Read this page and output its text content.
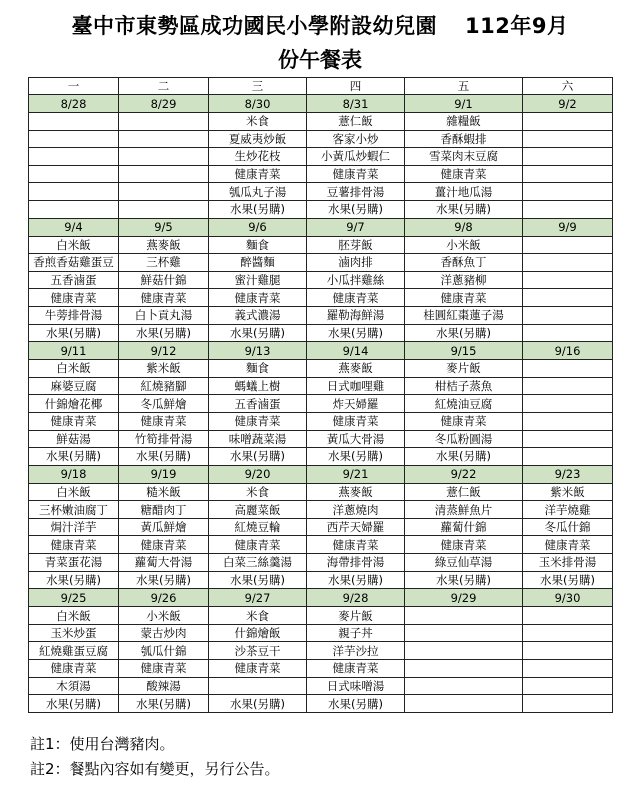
臺中市東勢區成功國民小學附設幼兒園 112年9月
份午餐表
一	二	三	四	五	六
8/28	8/29	8/30	8/31	9/1	9/2
		米食	薏仁飯	雜糧飯	
		夏威夷炒飯	客家小炒	香酥蝦排	
		生炒花枝	小黃瓜炒蝦仁	雪菜肉末豆腐	
		健康青菜	健康青菜	健康青菜	
		瓠瓜丸子湯	豆薯排骨湯	薑汁地瓜湯	
		水果(另購)	水果(另購)	水果(另購)	
9/4	9/5	9/6	9/7	9/8	9/9
白米飯	燕麥飯	麵食	胚芽飯	小米飯	
香煎香菇雞蛋豆	三杯雞	醉醬麵	滷肉排	香酥魚丁	
五香滷蛋	鮮菇什錦	蜜汁雞腿	小瓜拌雞絲	洋蔥豬柳	
健康青菜	健康青菜	健康青菜	健康青菜	健康青菜	
牛蒡排骨湯	白卜貢丸湯	義式濃湯	羅勒海鮮湯	桂圓紅棗蓮子湯	
水果(另購)	水果(另購)	水果(另購)	水果(另購)	水果(另購)	
9/11	9/12	9/13	9/14	9/15	9/16
白米飯	紫米飯	麵食	燕麥飯	麥片飯	
麻婆豆腐	紅燒豬腳	螞蟻上樹	日式咖哩雞	柑桔子蒸魚	
什錦燴花椰	冬瓜鮮燴	五香滷蛋	炸天婦羅	紅燒油豆腐	
健康青菜	健康青菜	健康青菜	健康青菜	健康青菜	
鮮菇湯	竹筍排骨湯	味噌蔬菜湯	黃瓜大骨湯	冬瓜粉圓湯	
水果(另購)	水果(另購)	水果(另購)	水果(另購)	水果(另購)	
9/18	9/19	9/20	9/21	9/22	9/23
白米飯	糙米飯	米食	燕麥飯	薏仁飯	紫米飯
三杯嫩油腐丁	糖醋肉丁	高麗菜飯	洋蔥燒肉	清蒸鮮魚片	洋芋燒雞
焗汁洋芋	黃瓜鮮燴	紅燒豆輪	西芹天婦羅	蘿蔔什錦	冬瓜什錦
健康青菜	健康青菜	健康青菜	健康青菜	健康青菜	健康青菜
青菜蛋花湯	蘿蔔大骨湯	白菜三絲羹湯	海帶排骨湯	綠豆仙草湯	玉米排骨湯
水果(另購)	水果(另購)	水果(另購)	水果(另購)	水果(另購)	水果(另購)
9/25	9/26	9/27	9/28	9/29	9/30
白米飯	小米飯	米食	麥片飯		
玉米炒蛋	蒙古炒肉	什錦燴飯	親子丼		
紅燒雞蛋豆腐	瓠瓜什錦	沙茶豆干	洋芋沙拉		
健康青菜	健康青菜	健康青菜	健康青菜		
木須湯	酸辣湯		日式味噌湯		
水果(另購)	水果(另購)	水果(另購)	水果(另購)		
註1：使用台灣豬肉。
註2：餐點內容如有變更，另行公告。
